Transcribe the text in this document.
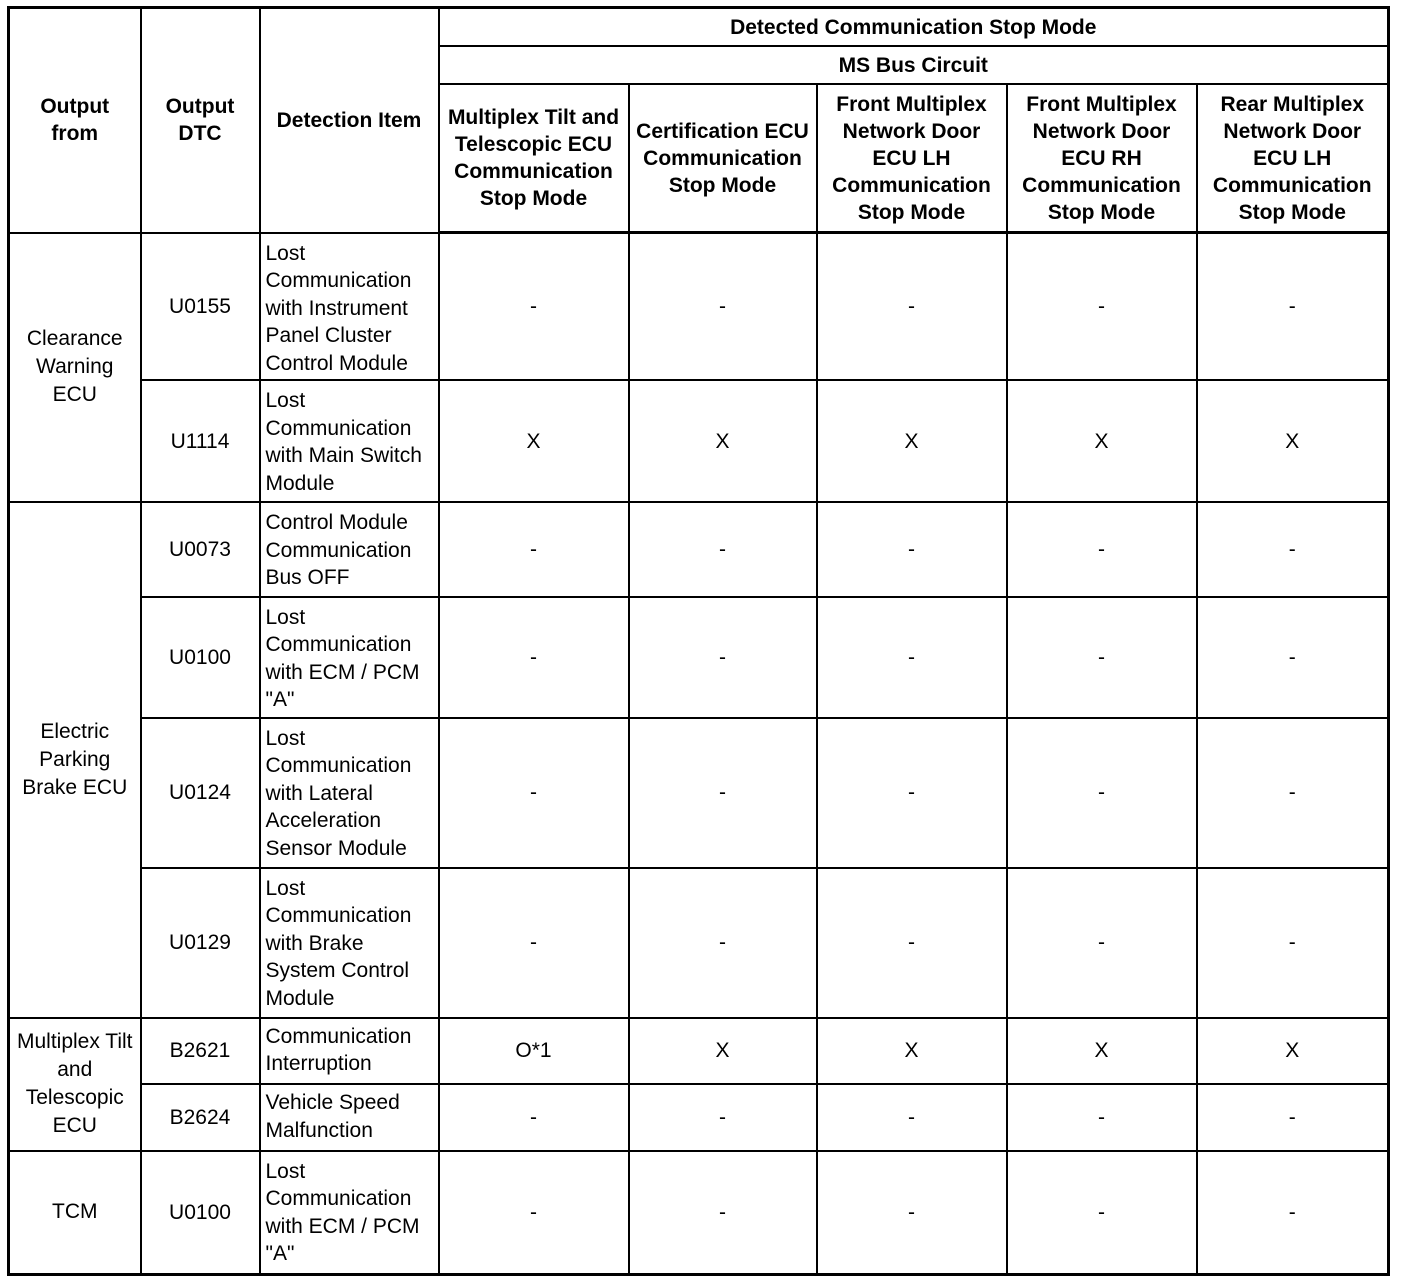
Output from	Output DTC	Detection Item	Detected Communication Stop Mode				
			MS Bus Circuit				
			Multiplex Tilt and Telescopic ECU Communication Stop Mode	Certification ECU Communication Stop Mode	Front Multiplex Network Door ECU LH Communication Stop Mode	Front Multiplex Network Door ECU RH Communication Stop Mode	Rear Multiplex Network Door ECU LH Communication Stop Mode
Clearance Warning ECU	U0155	Lost Communication with Instrument Panel Cluster Control Module	-	-	-	-	-
	U1114	Lost Communication with Main Switch Module	X	X	X	X	X
Electric Parking Brake ECU	U0073	Control Module Communication Bus OFF	-	-	-	-	-
	U0100	Lost Communication with ECM / PCM "A"	-	-	-	-	-
	U0124	Lost Communication with Lateral Acceleration Sensor Module	-	-	-	-	-
	U0129	Lost Communication with Brake System Control Module	-	-	-	-	-
Multiplex Tilt and Telescopic ECU	B2621	Communication Interruption	O*1	X	X	X	X
	B2624	Vehicle Speed Malfunction	-	-	-	-	-
TCM	U0100	Lost Communication with ECM / PCM "A"	-	-	-	-	-
